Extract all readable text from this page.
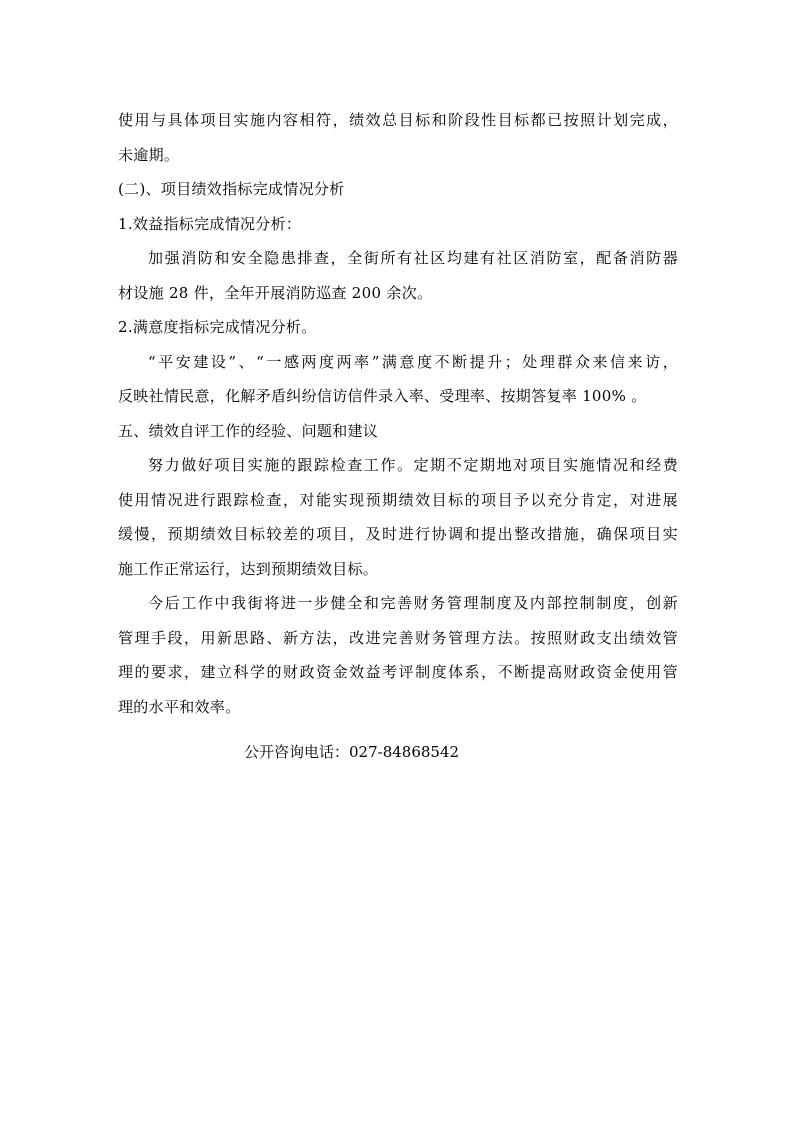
使用与具体项目实施内容相符，绩效总目标和阶段性目标都已按照计划完成，
未逾期。
(二)、项目绩效指标完成情况分析
1.效益指标完成情况分析：
加强消防和安全隐患排查，全街所有社区均建有社区消防室，配备消防器
材设施 28 件，全年开展消防巡查 200 余次。
2.满意度指标完成情况分析。
“平安建设”、“一感两度两率”满意度不断提升；处理群众来信来访，
反映社情民意，化解矛盾纠纷信访信件录入率、受理率、按期答复率 100% 。
五、绩效自评工作的经验、问题和建议
努力做好项目实施的跟踪检查工作。定期不定期地对项目实施情况和经费
使用情况进行跟踪检查，对能实现预期绩效目标的项目予以充分肯定，对进展
缓慢，预期绩效目标较差的项目，及时进行协调和提出整改措施，确保项目实
施工作正常运行，达到预期绩效目标。
今后工作中我街将进一步健全和完善财务管理制度及内部控制制度，创新
管理手段，用新思路、新方法，改进完善财务管理方法。按照财政支出绩效管
理的要求，建立科学的财政资金效益考评制度体系，不断提高财政资金使用管
理的水平和效率。
公开咨询电话：027-84868542
